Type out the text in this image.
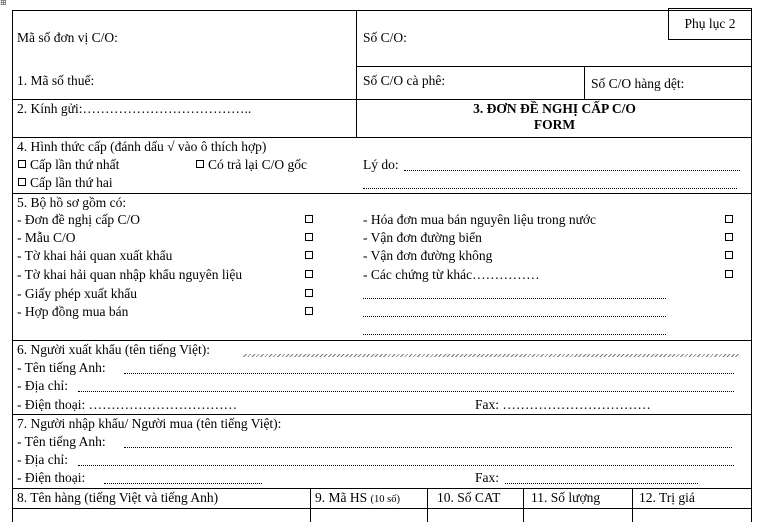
⊞
Phụ lục 2
Mã số đơn vị C/O:	Số C/O:
1. Mã số thuế:	Số C/O cà phê:	Số C/O hàng dệt:
2. Kính gửi:………………………………..	3. ĐƠN ĐỀ NGHỊ CẤP C/O
FORM
4. Hình thức cấp (đánh dấu √ vào ô thích hợp)
Cấp lần thứ nhất	Có trả lại C/O gốc
Cấp lần thứ hai
Lý do:
5. Bộ hồ sơ gồm có:
- Đơn đề nghị cấp C/O
- Mẫu C/O
- Tờ khai hải quan xuất khẩu
- Tờ khai hải quan nhập khẩu nguyên liệu
- Giấy phép xuất khẩu
- Hợp đồng mua bán
- Hóa đơn mua bán nguyên liệu trong nước
- Vận đơn đường biển
- Vận đơn đường không
- Các chứng từ khác……………
6. Người xuất khẩu (tên tiếng Việt):
- Tên tiếng Anh:
- Địa chỉ:
- Điện thoại: ……………………………	Fax: ……………………………
7. Người nhập khẩu/ Người mua (tên tiếng Việt):
- Tên tiếng Anh:
- Địa chỉ:
- Điện thoại:	Fax:
8. Tên hàng (tiếng Việt và tiếng Anh)	9. Mã HS (10 số)	10. Số CAT 11. Số lượng	12. Trị giá
